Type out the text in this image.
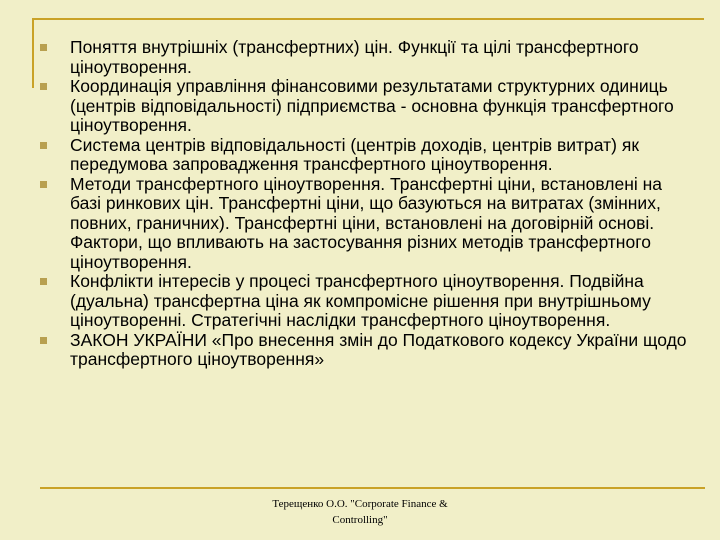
Поняття внутрішніх (трансфертних) цін. Функції та цілі трансфертного ціноутворення.
Координація управління фінансовими результатами структурних одиниць (центрів відповідальності) підприємства - основна функція трансфертного ціноутворення.
Система центрів відповідальності (центрів доходів, центрів витрат) як передумова запровадження трансфертного ціноутворення.
Методи трансфертного ціноутворення. Трансфертні ціни, встановлені на базі ринкових цін. Трансфертні ціни, що базуються на витратах (змінних, повних, граничних). Трансфертні ціни, встановлені на договірній основі. Фактори, що впливають на застосування різних методів трансфертного ціноутворення.
Конфлікти інтересів у процесі трансфертного ціноутворення. Подвійна (дуальна) трансфертна ціна як компромісне рішення при внутрішньому ціноутворенні. Стратегічні наслідки трансфертного ціноутворення.
ЗАКОН УКРАЇНИ «Про внесення змін до Податкового кодексу України щодо трансфертного ціноутворення»
Терещенко О.О. "Corporate Finance &
Controlling"
